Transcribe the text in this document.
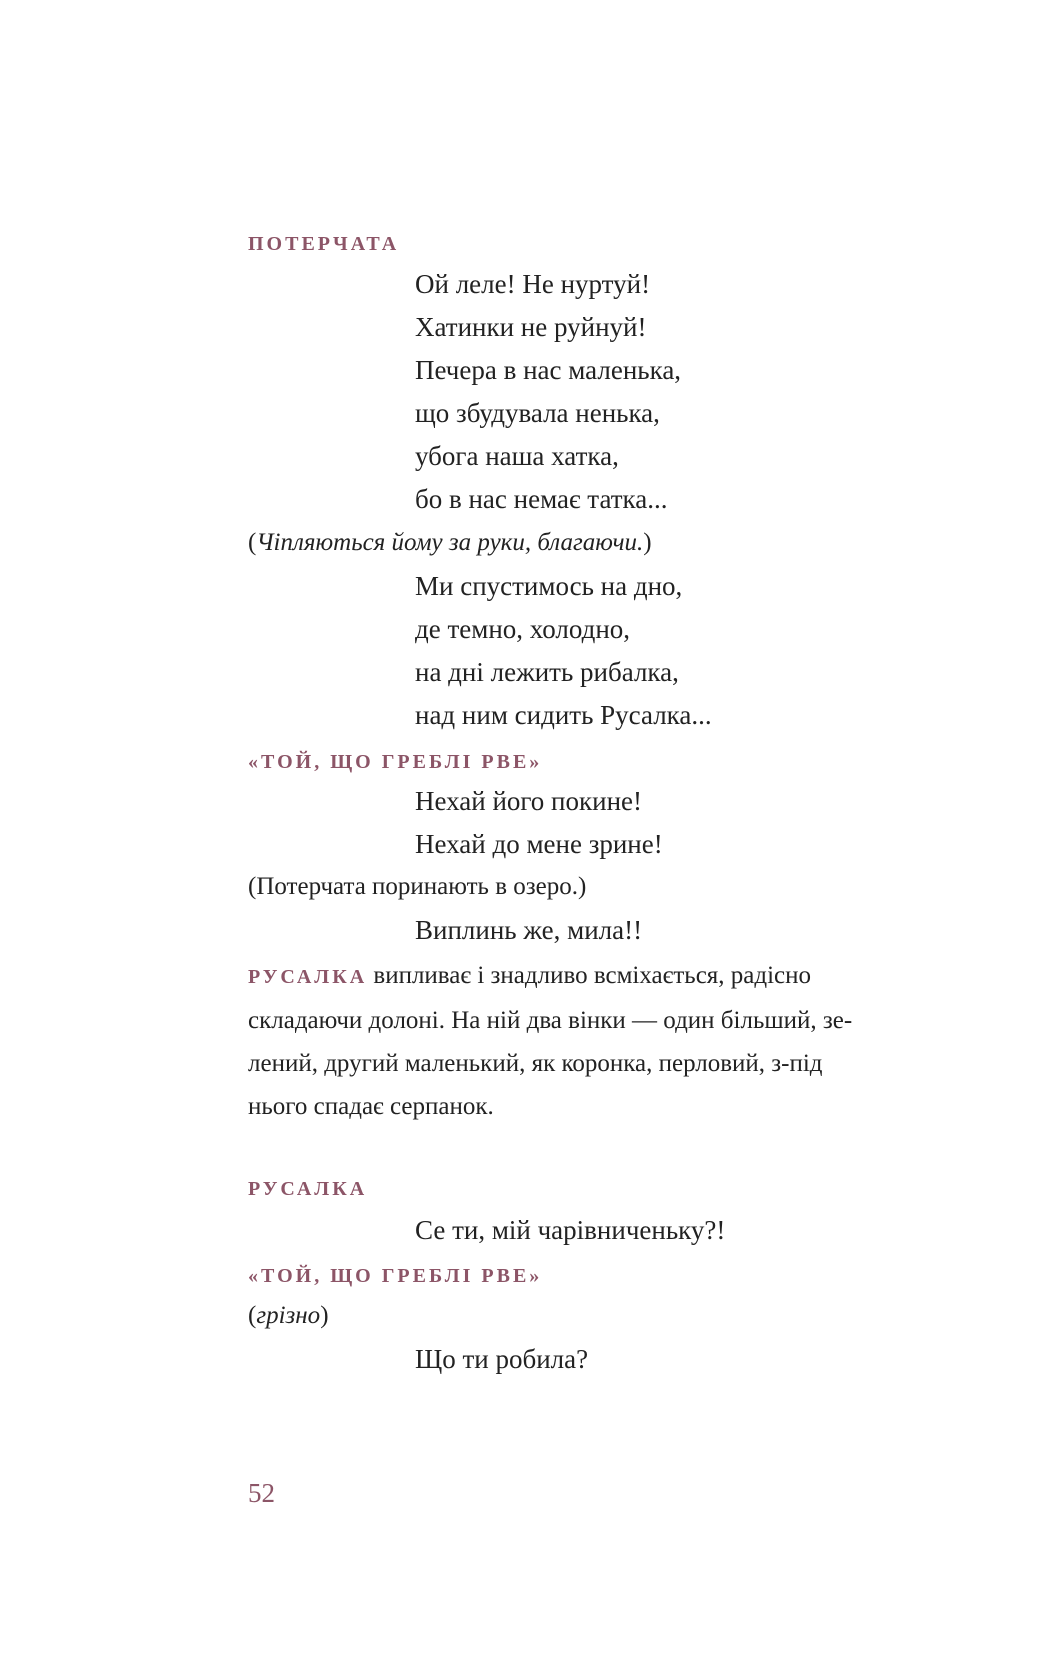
ПОТЕРЧАТА
Ой леле! Не нуртуй!
Хатинки не руйнуй!
Печера в нас маленька,
що збудувала ненька,
убога наша хатка,
бо в нас немає татка...
(Чіпляються йому за руки, благаючи.)
Ми спустимось на дно,
де темно, холодно,
на дні лежить рибалка,
над ним сидить Русалка...
«ТОЙ, ЩО ГРЕБЛІ РВЕ»
Нехай його покине!
Нехай до мене зрине!
(Потерчата поринають в озеро.)
Виплинь же, мила!!
РУСАЛКА випливає і знадливо всміхається, радісно
складаючи долоні. На ній два вінки — один більший, зе-
лений, другий маленький, як коронка, перловий, з-під
нього спадає серпанок.
РУСАЛКА
Се ти, мій чарівниченьку?!
«ТОЙ, ЩО ГРЕБЛІ РВЕ»
(грізно)
Що ти робила?
52
